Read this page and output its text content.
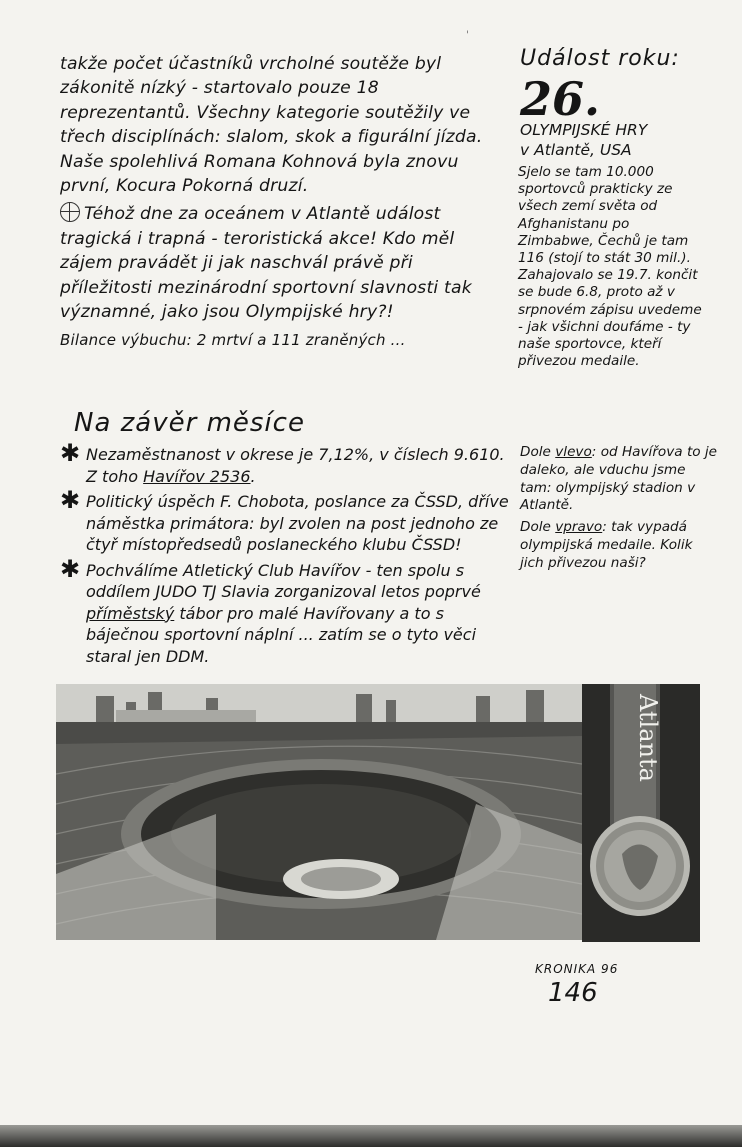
'

takže počet účastníků vrcholné soutěže byl zákonitě nízký - startovalo pouze 18 reprezentantů. Všechny kategorie soutěžily ve třech disciplínách: slalom, skok a figurální jízda. Naše spolehlivá Romana Kohnová byla znovu první, Kocura Pokorná druzí.

Téhož dne za oceánem v Atlantě událost tragická i trapná - teroristická akce! Kdo měl zájem pravádět ji jak naschvál právě při příležitosti mezinárodní sportovní slavnosti tak významné, jako jsou Olympijské hry?!

Bilance výbuchu: 2 mrtví a 111 zraněných ...

Na závěr měsíce
✱ Nezaměstnanost v okrese je 7,12%, v číslech 9.610. Z toho Havířov 2536.
✱ Politický úspěch F. Chobota, poslance za ČSSD, dříve náměstka primátora: byl zvolen na post jednoho ze čtyř místopředsedů poslaneckého klubu ČSSD!
✱ Pochválíme Atletický Club Havířov - ten spolu s oddílem JUDO TJ Slavia zorganizoval letos poprvé příměstský tábor pro malé Havířovany a to s báječnou sportovní náplní ... zatím se o tyto věci staral jen DDM.
Událost roku:
26.
OLYMPIJSKÉ HRY
v Atlantě, USA
Sjelo se tam 10.000 sportovců prakticky ze všech zemí světa od Afghanistanu po Zimbabwe, Čechů je tam 116 (stojí to stát 30 mil.). Zahajovalo se 19.7. končit se bude 6.8, proto až v srpnovém zápisu uvedeme - jak všichni doufáme - ty naše sportovce, kteří přivezou medaile.

Dole vlevo: od Havířova to je daleko, ale vduchu jsme tam: olympijský stadion v Atlantě.

Dole vpravo: tak vypadá olympijská medaile. Kolik jich přivezou naši?

Atlanta
KRONIKA 96
146
